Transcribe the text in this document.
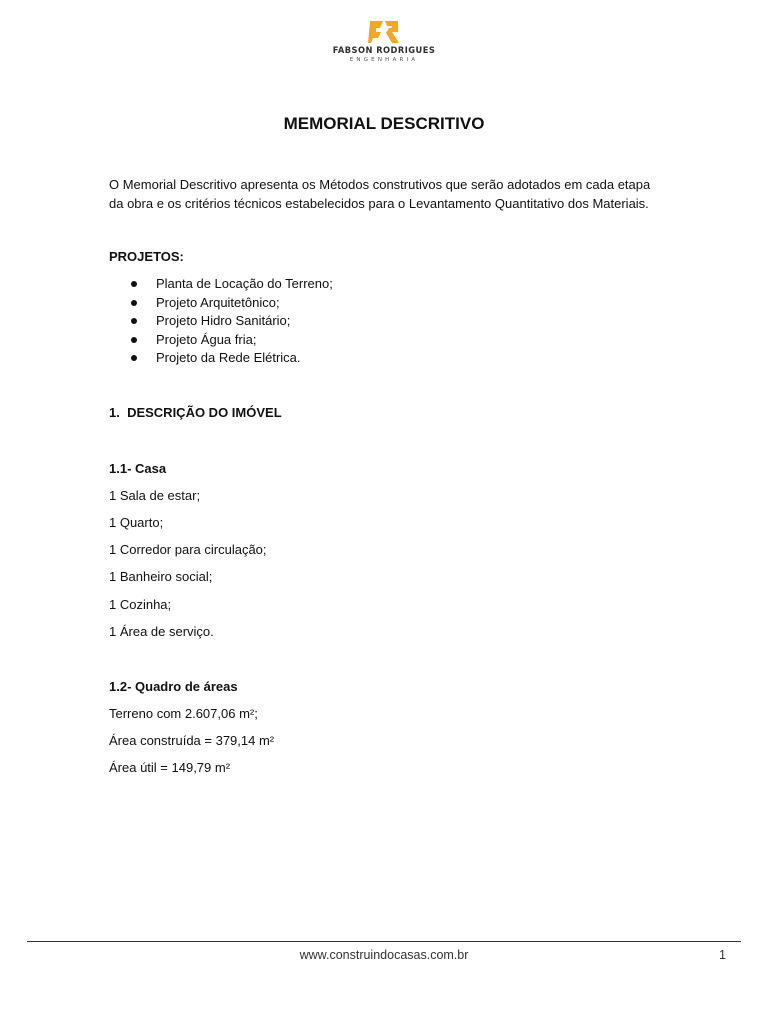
FABSON RODRIGUES
ENGENHARIA
MEMORIAL DESCRITIVO
O Memorial Descritivo apresenta os Métodos construtivos que serão adotados em cada etapa
da obra e os critérios técnicos estabelecidos para o Levantamento Quantitativo dos Materiais.
PROJETOS:
Planta de Locação do Terreno;
Projeto Arquitetônico;
Projeto Hidro Sanitário;
Projeto Água fria;
Projeto da Rede Elétrica.
1.  DESCRIÇÃO DO IMÓVEL
1.1- Casa
1 Sala de estar;
1 Quarto;
1 Corredor para circulação;
1 Banheiro social;
1 Cozinha;
1 Área de serviço.
1.2- Quadro de áreas
Terreno com 2.607,06 m²;
Área construída = 379,14 m²
Área útil = 149,79 m²
www.construindocasas.com.br	1
